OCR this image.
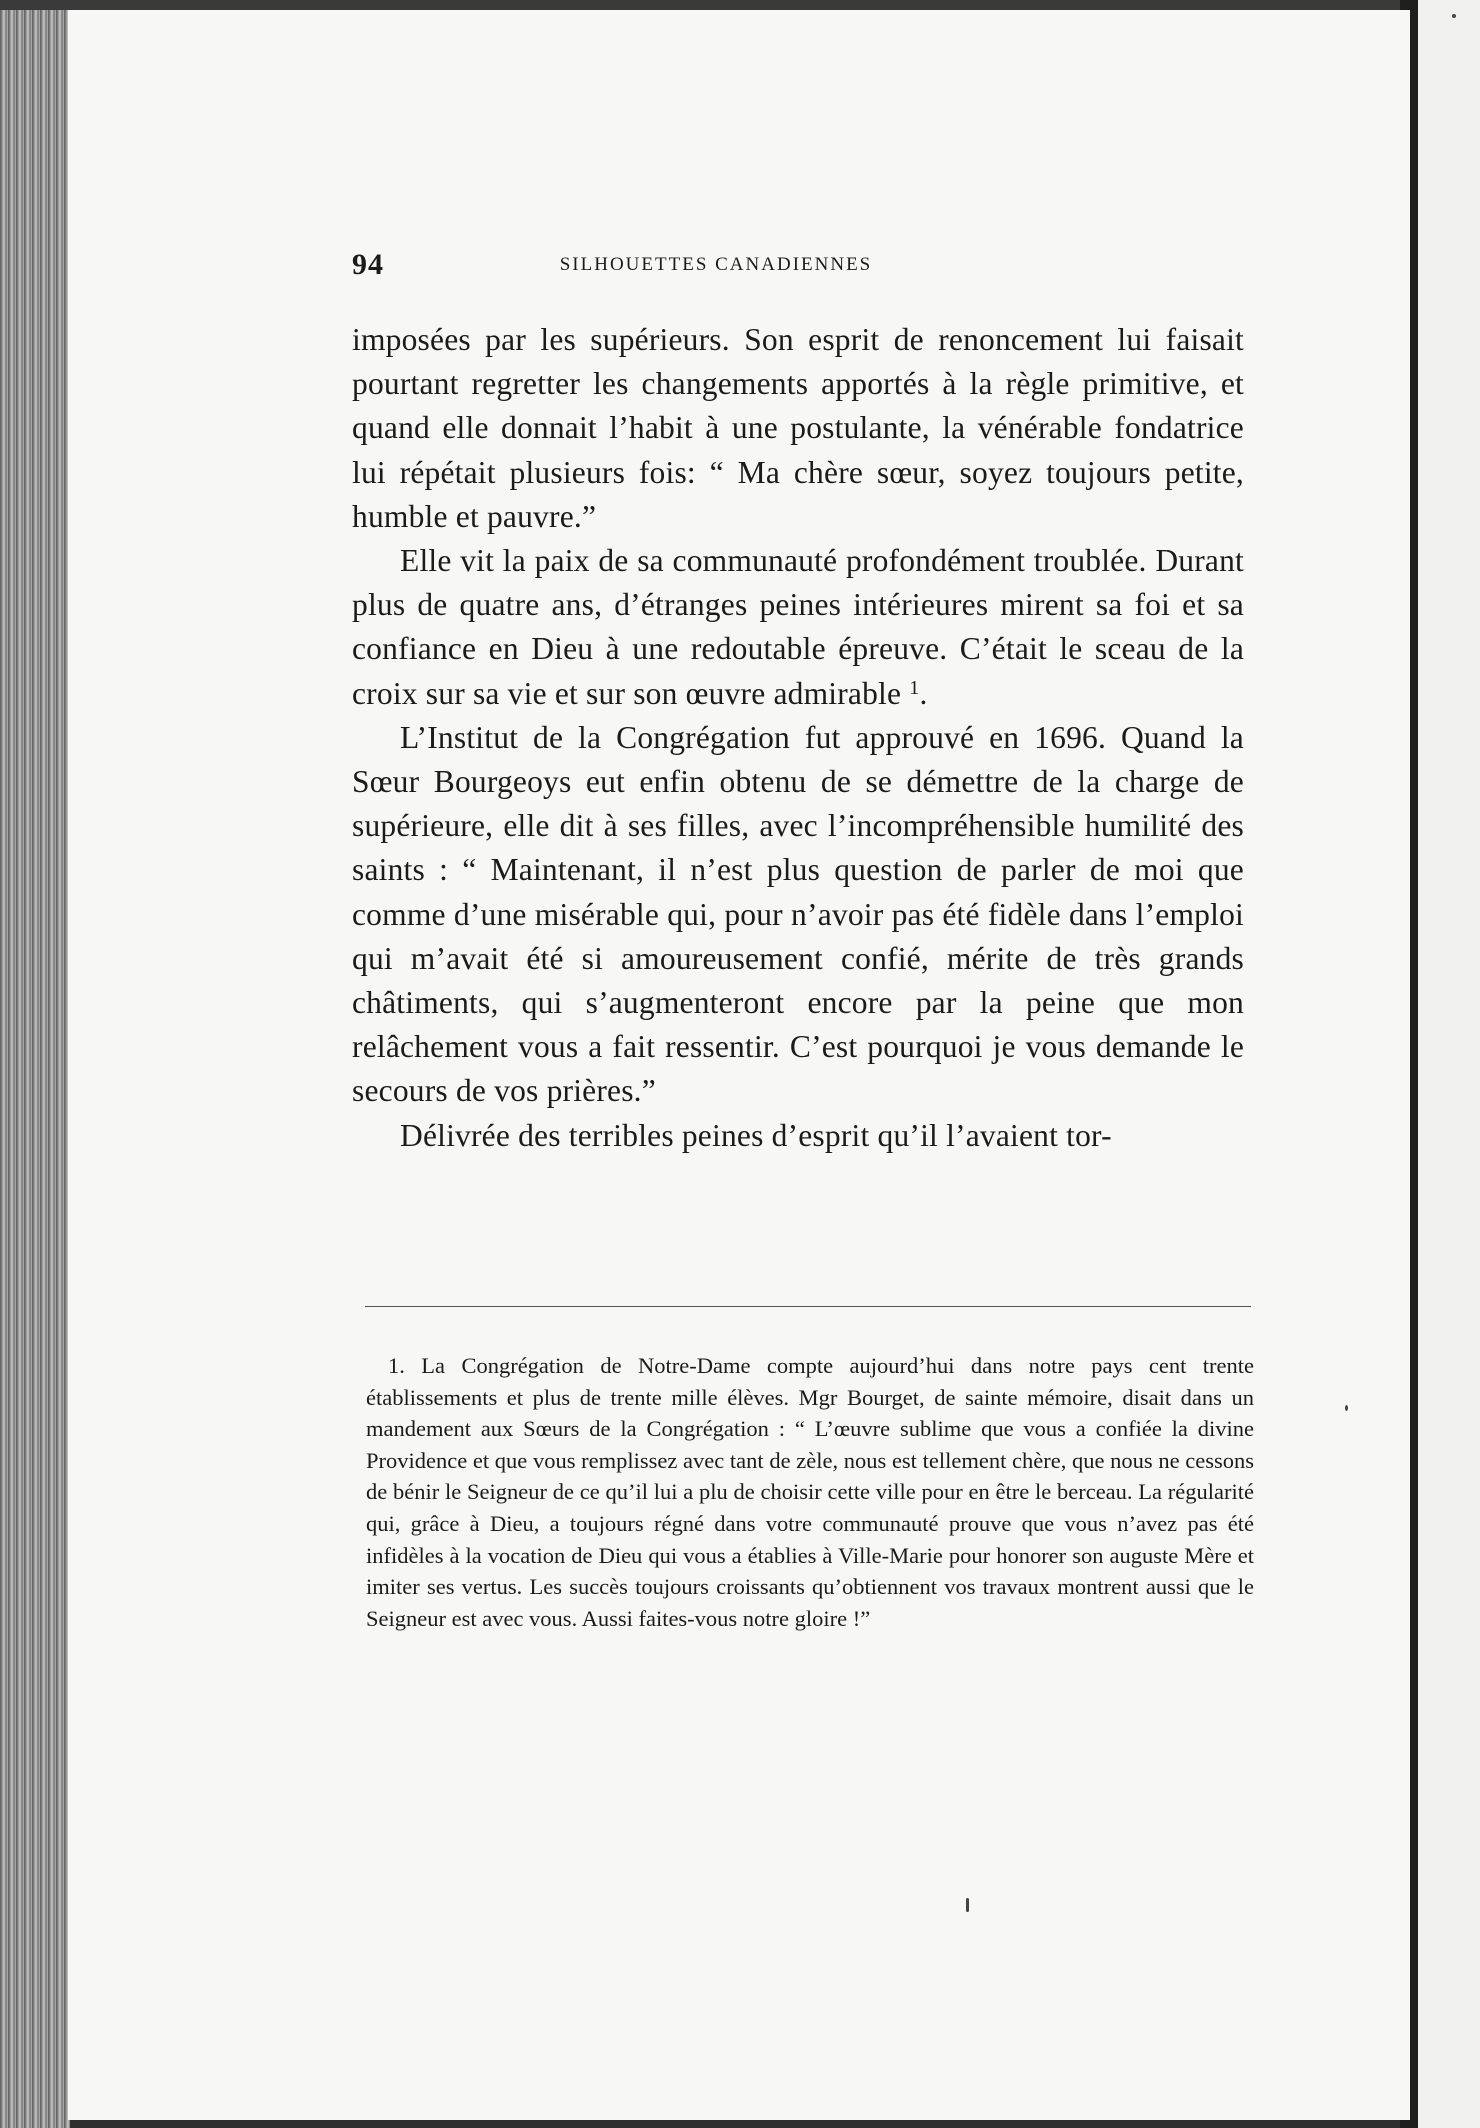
94	SILHOUETTES CANADIENNES

imposées par les supérieurs. Son esprit de renoncement lui faisait pourtant regretter les changements apportés à la règle primitive, et quand elle donnait l’habit à une postulante, la vénérable fondatrice lui répétait plusieurs fois: “ Ma chère sœur, soyez toujours petite, humble et pauvre.”

Elle vit la paix de sa communauté profondément troublée. Durant plus de quatre ans, d’étranges peines intérieures mirent sa foi et sa confiance en Dieu à une redoutable épreuve. C’était le sceau de la croix sur sa vie et sur son œuvre admirable $^1$.

L’Institut de la Congrégation fut approuvé en 1696. Quand la Sœur Bourgeoys eut enfin obtenu de se démettre de la charge de supérieure, elle dit à ses filles, avec l’incompréhensible humilité des saints : “ Maintenant, il n’est plus question de parler de moi que comme d’une misérable qui, pour n’avoir pas été fidèle dans l’emploi qui m’avait été si amoureusement confié, mérite de très grands châtiments, qui s’augmenteront encore par la peine que mon relâchement vous a fait ressentir. C’est pourquoi je vous demande le secours de vos prières.”

Délivrée des terribles peines d’esprit qu’il l’avaient tor-

1. La Congrégation de Notre-Dame compte aujourd’hui dans notre pays cent trente établissements et plus de trente mille élèves. Mgr Bourget, de sainte mémoire, disait dans un mandement aux Sœurs de la Congrégation : “ L’œuvre sublime que vous a confiée la divine Providence et que vous remplissez avec tant de zèle, nous est tellement chère, que nous ne cessons de bénir le Seigneur de ce qu’il lui a plu de choisir cette ville pour en être le berceau. La régularité qui, grâce à Dieu, a toujours régné dans votre communauté prouve que vous n’avez pas été infidèles à la vocation de Dieu qui vous a établies à Ville-Marie pour honorer son auguste Mère et imiter ses vertus. Les succès toujours croissants qu’obtiennent vos travaux montrent aussi que le Seigneur est avec vous. Aussi faites-vous notre gloire !”
